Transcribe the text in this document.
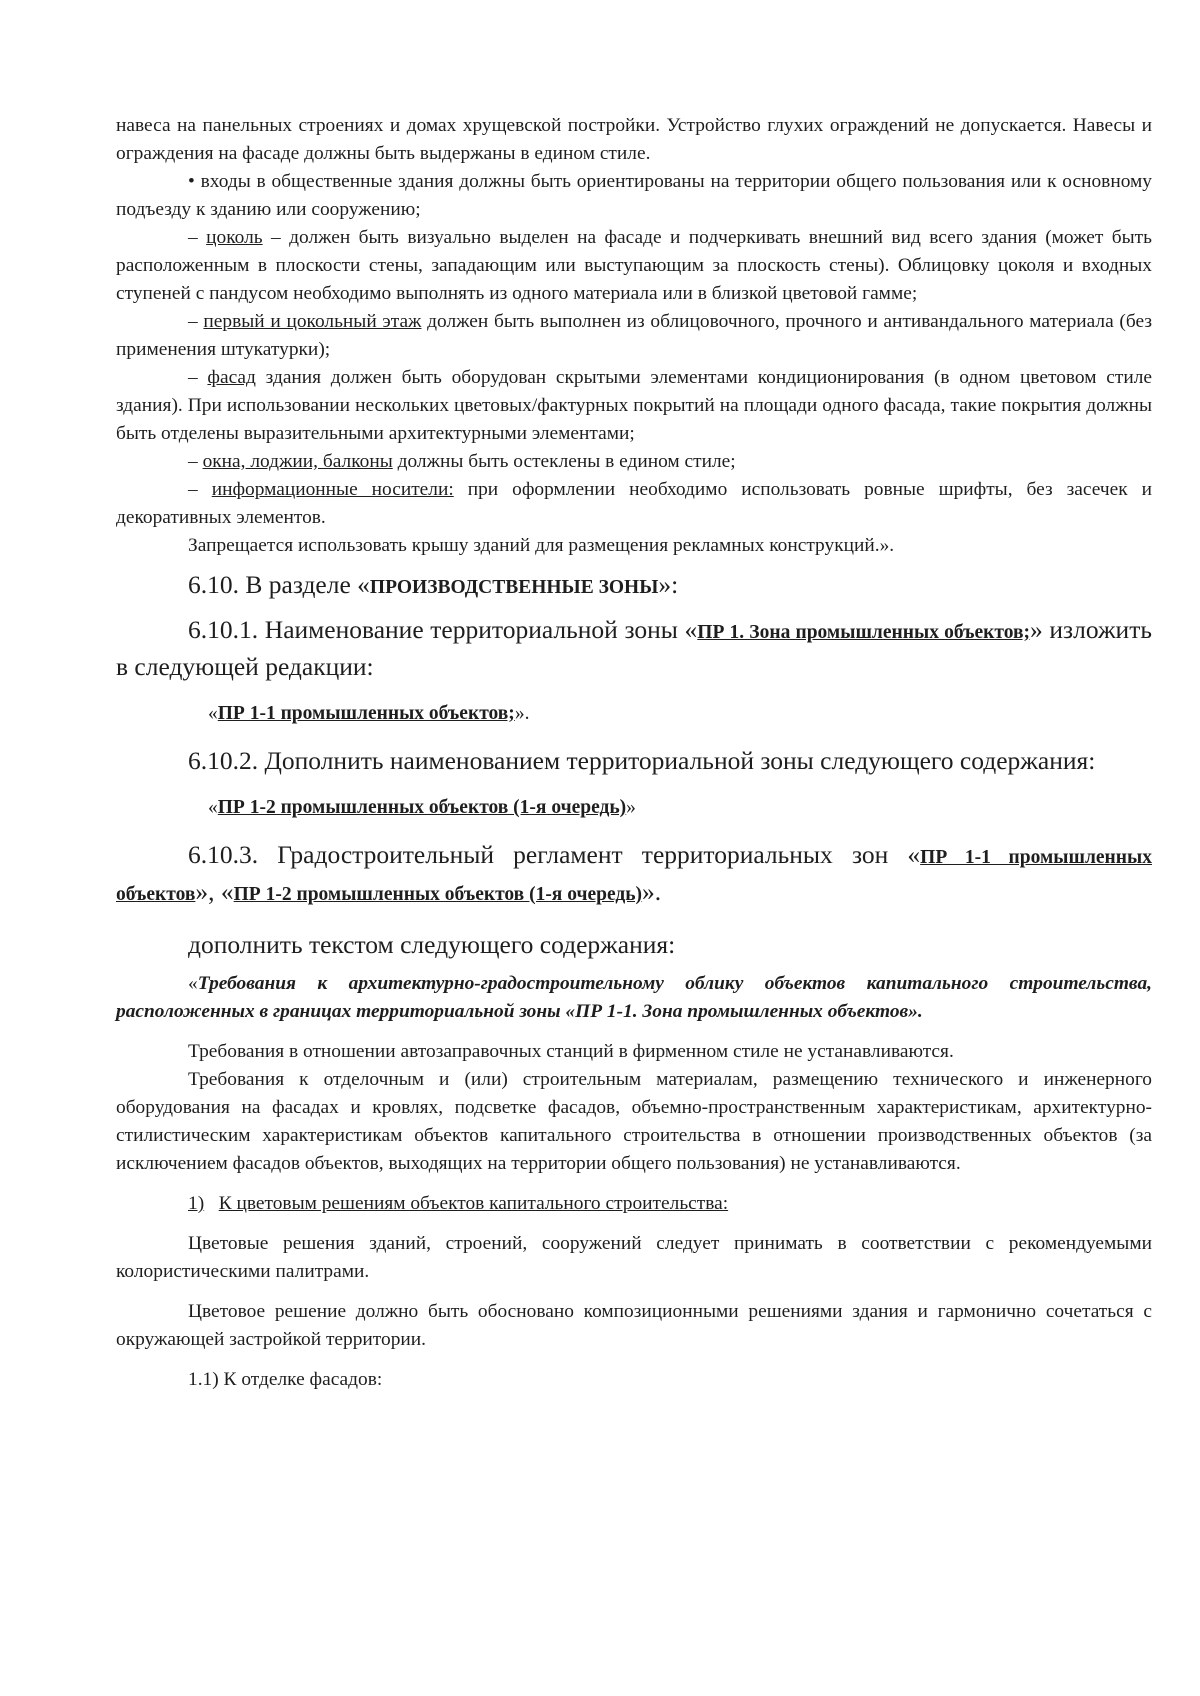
навеса на панельных строениях и домах хрущевской постройки. Устройство глухих ограждений не допускается. Навесы и ограждения на фасаде должны быть выдержаны в едином стиле.

• входы в общественные здания должны быть ориентированы на территории общего пользования или к основному подъезду к зданию или сооружению;

– цоколь – должен быть визуально выделен на фасаде и подчеркивать внешний вид всего здания (может быть расположенным в плоскости стены, западающим или выступающим за плоскость стены). Облицовку цоколя и входных ступеней с пандусом необходимо выполнять из одного материала или в близкой цветовой гамме;

– первый и цокольный этаж должен быть выполнен из облицовочного, прочного и антивандального материала (без применения штукатурки);

– фасад здания должен быть оборудован скрытыми элементами кондиционирования (в одном цветовом стиле здания). При использовании нескольких цветовых/фактурных покрытий на площади одного фасада, такие покрытия должны быть отделены выразительными архитектурными элементами;

– окна, лоджии, балконы должны быть остеклены в едином стиле;

– информационные носители: при оформлении необходимо использовать ровные шрифты, без засечек и декоративных элементов.

Запрещается использовать крышу зданий для размещения рекламных конструкций.».

6.10. В разделе «ПРОИЗВОДСТВЕННЫЕ ЗОНЫ»:

6.10.1. Наименование территориальной зоны «ПР 1. Зона промышленных объектов;» изложить в следующей редакции:

«ПР 1-1 промышленных объектов;».

6.10.2. Дополнить наименованием территориальной зоны следующего содержания:

«ПР 1-2 промышленных объектов (1-я очередь)»

6.10.3. Градостроительный регламент территориальных зон «ПР 1-1 промышленных объектов», «ПР 1-2 промышленных объектов (1-я очередь)».

дополнить текстом следующего содержания:

«Требования к архитектурно-градостроительному облику объектов капитального строительства, расположенных в границах территориальной зоны «ПР 1-1. Зона промышленных объектов».

Требования в отношении автозаправочных станций в фирменном стиле не устанавливаются.

Требования к отделочным и (или) строительным материалам, размещению технического и инженерного оборудования на фасадах и кровлях, подсветке фасадов, объемно-пространственным характеристикам, архитектурно-стилистическим характеристикам объектов капитального строительства в отношении производственных объектов (за исключением фасадов объектов, выходящих на территории общего пользования) не устанавливаются.

1) К цветовым решениям объектов капитального строительства:

Цветовые решения зданий, строений, сооружений следует принимать в соответствии с рекомендуемыми колористическими палитрами.

Цветовое решение должно быть обосновано композиционными решениями здания и гармонично сочетаться с окружающей застройкой территории.

1.1) К отделке фасадов:
